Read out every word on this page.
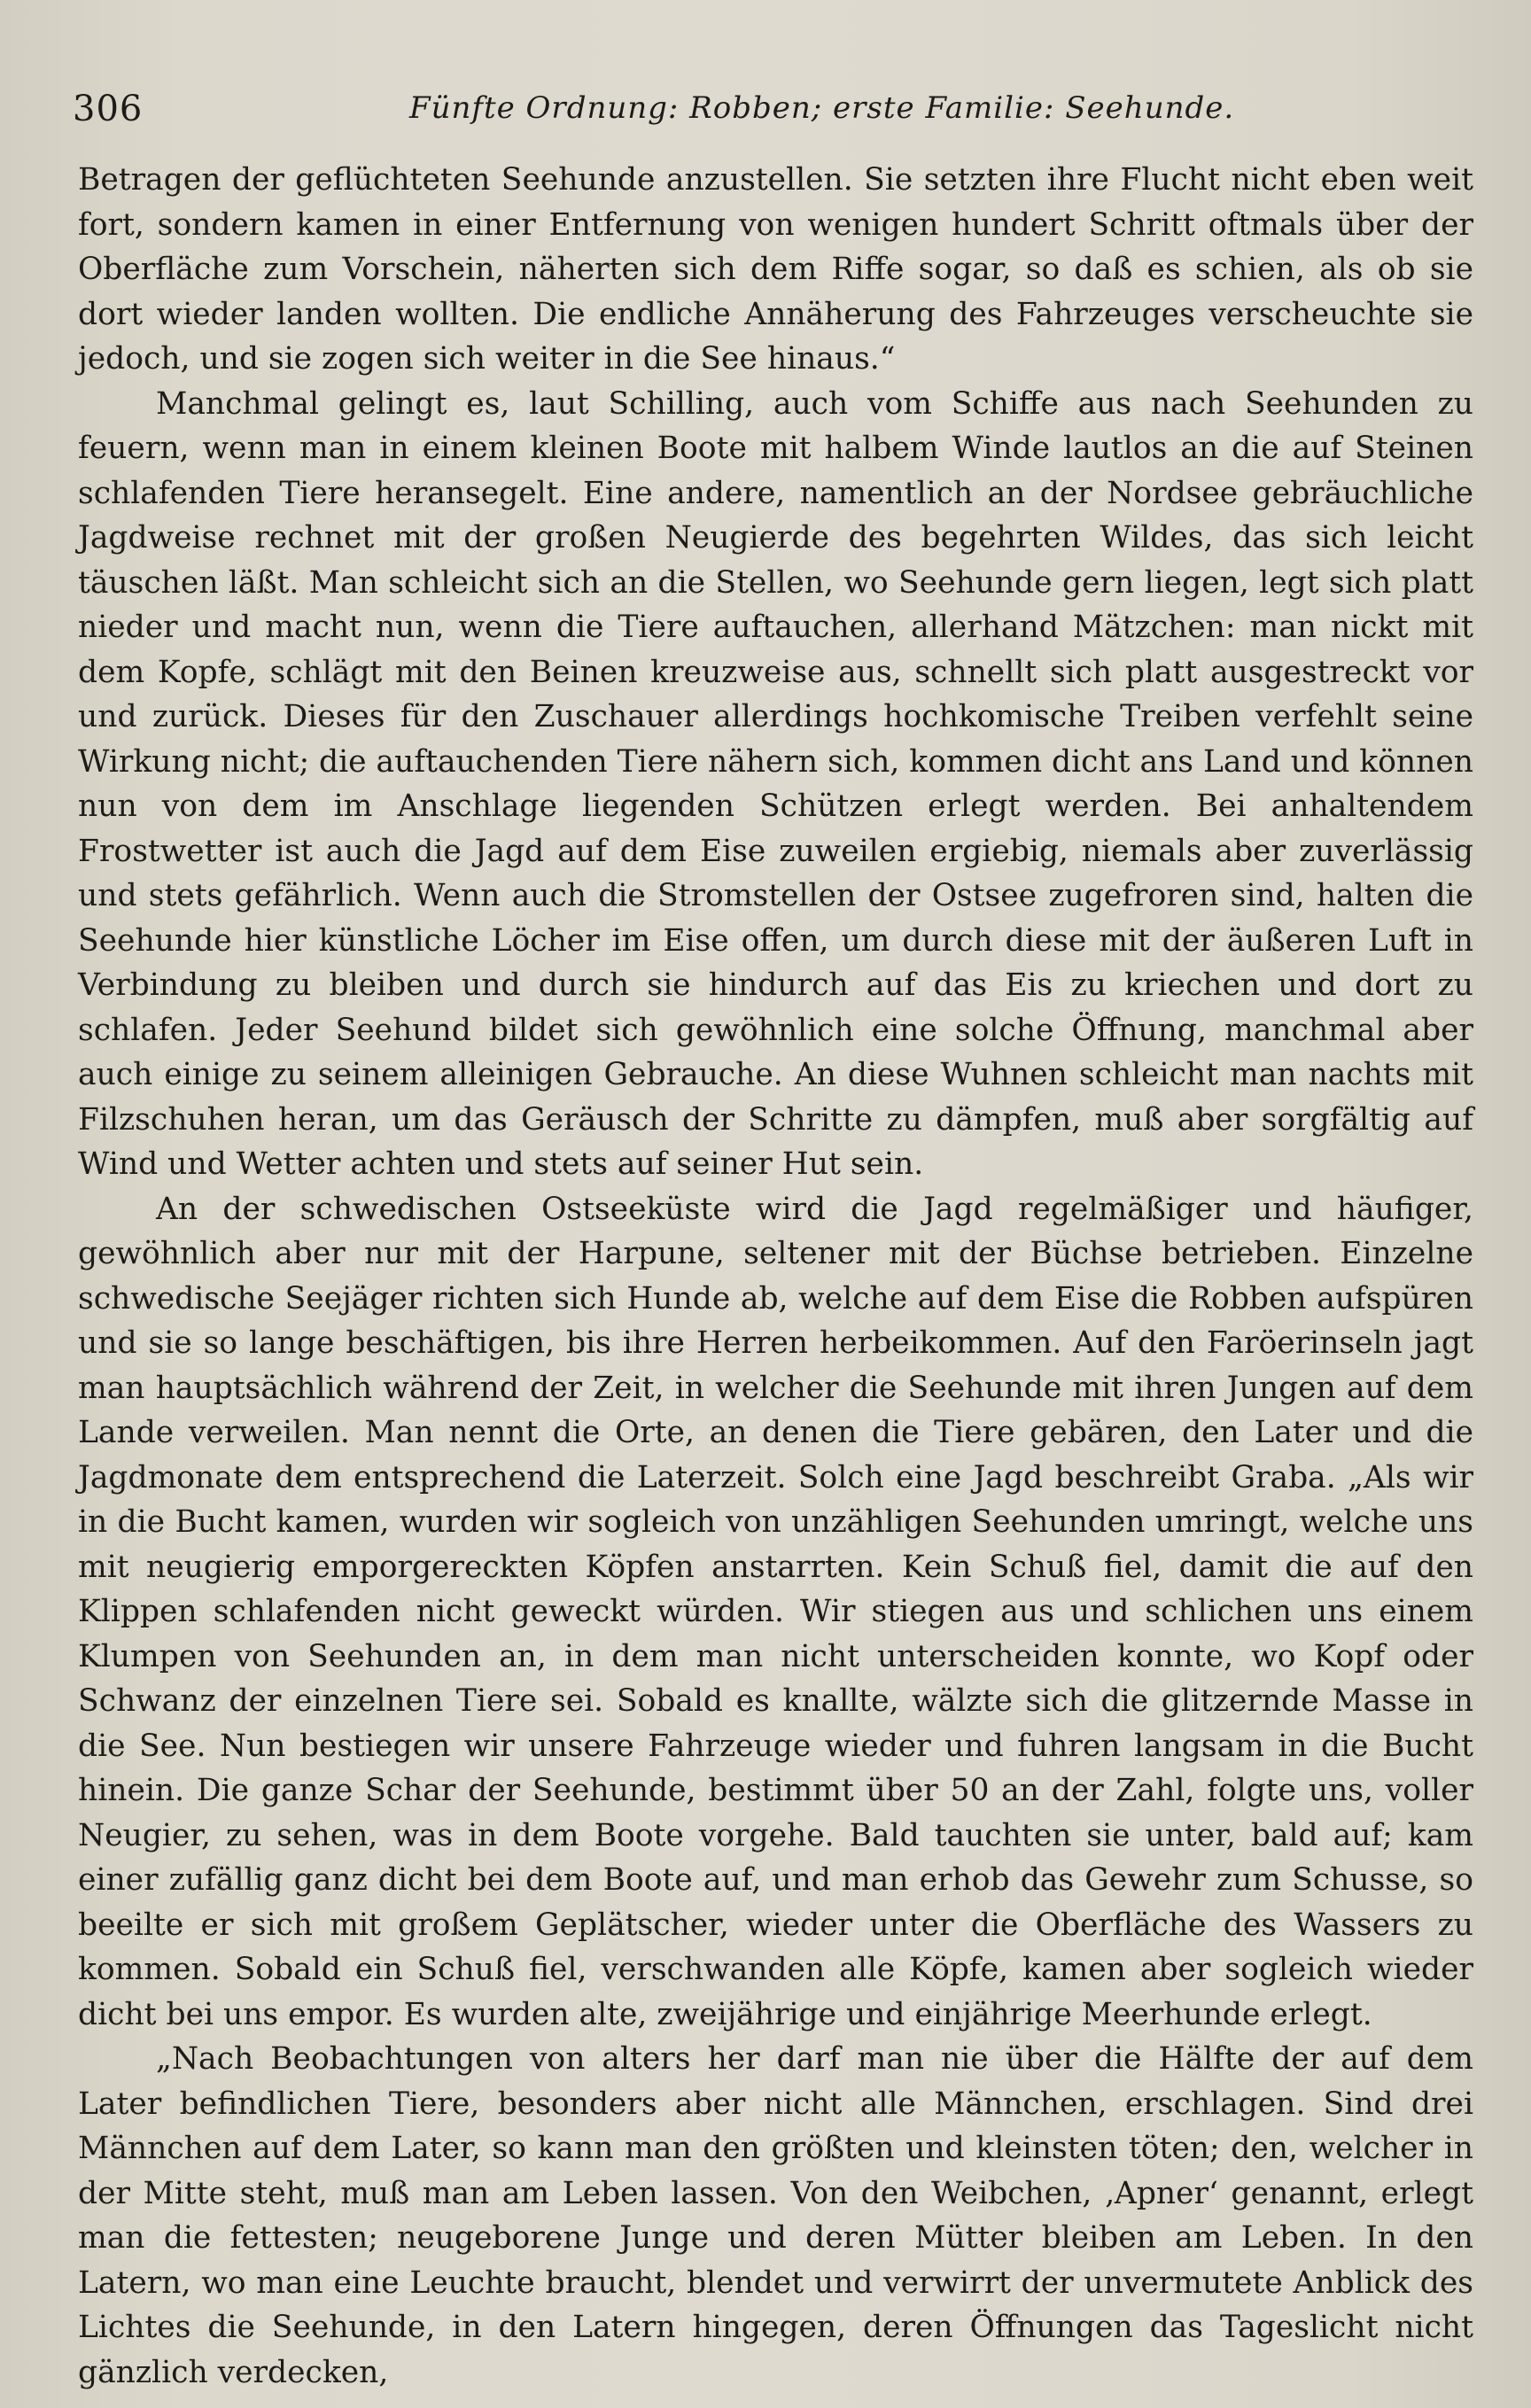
306	Fünfte Ordnung: Robben; erste Familie: Seehunde.

Betragen der geflüchteten Seehunde anzustellen. Sie setzten ihre Flucht nicht eben weit fort, sondern kamen in einer Entfernung von wenigen hundert Schritt oftmals über der Oberfläche zum Vorschein, näherten sich dem Riffe sogar, so daß es schien, als ob sie dort wieder landen wollten. Die endliche Annäherung des Fahrzeuges verscheuchte sie jedoch, und sie zogen sich weiter in die See hinaus.“

Manchmal gelingt es, laut Schilling, auch vom Schiffe aus nach Seehunden zu feuern, wenn man in einem kleinen Boote mit halbem Winde lautlos an die auf Steinen schlafenden Tiere heransegelt. Eine andere, namentlich an der Nordsee gebräuchliche Jagdweise rechnet mit der großen Neugierde des begehrten Wildes, das sich leicht täuschen läßt. Man schleicht sich an die Stellen, wo Seehunde gern liegen, legt sich platt nieder und macht nun, wenn die Tiere auftauchen, allerhand Mätzchen: man nickt mit dem Kopfe, schlägt mit den Beinen kreuzweise aus, schnellt sich platt ausgestreckt vor und zurück. Dieses für den Zuschauer allerdings hochkomische Treiben verfehlt seine Wirkung nicht; die auftauchenden Tiere nähern sich, kommen dicht ans Land und können nun von dem im Anschlage liegenden Schützen erlegt werden. Bei anhaltendem Frostwetter ist auch die Jagd auf dem Eise zuweilen ergiebig, niemals aber zuverlässig und stets gefährlich. Wenn auch die Stromstellen der Ostsee zugefroren sind, halten die Seehunde hier künstliche Löcher im Eise offen, um durch diese mit der äußeren Luft in Verbindung zu bleiben und durch sie hindurch auf das Eis zu kriechen und dort zu schlafen. Jeder Seehund bildet sich gewöhnlich eine solche Öffnung, manchmal aber auch einige zu seinem alleinigen Gebrauche. An diese Wuhnen schleicht man nachts mit Filzschuhen heran, um das Geräusch der Schritte zu dämpfen, muß aber sorgfältig auf Wind und Wetter achten und stets auf seiner Hut sein.

An der schwedischen Ostseeküste wird die Jagd regelmäßiger und häufiger, gewöhnlich aber nur mit der Harpune, seltener mit der Büchse betrieben. Einzelne schwedische Seejäger richten sich Hunde ab, welche auf dem Eise die Robben aufspüren und sie so lange beschäftigen, bis ihre Herren herbeikommen. Auf den Faröerinseln jagt man hauptsächlich während der Zeit, in welcher die Seehunde mit ihren Jungen auf dem Lande verweilen. Man nennt die Orte, an denen die Tiere gebären, den Later und die Jagdmonate dem entsprechend die Laterzeit. Solch eine Jagd beschreibt Graba. „Als wir in die Bucht kamen, wurden wir sogleich von unzähligen Seehunden umringt, welche uns mit neugierig emporgereckten Köpfen anstarrten. Kein Schuß fiel, damit die auf den Klippen schlafenden nicht geweckt würden. Wir stiegen aus und schlichen uns einem Klumpen von Seehunden an, in dem man nicht unterscheiden konnte, wo Kopf oder Schwanz der einzelnen Tiere sei. Sobald es knallte, wälzte sich die glitzernde Masse in die See. Nun bestiegen wir unsere Fahrzeuge wieder und fuhren langsam in die Bucht hinein. Die ganze Schar der Seehunde, bestimmt über 50 an der Zahl, folgte uns, voller Neugier, zu sehen, was in dem Boote vorgehe. Bald tauchten sie unter, bald auf; kam einer zufällig ganz dicht bei dem Boote auf, und man erhob das Gewehr zum Schusse, so beeilte er sich mit großem Geplätscher, wieder unter die Oberfläche des Wassers zu kommen. Sobald ein Schuß fiel, verschwanden alle Köpfe, kamen aber sogleich wieder dicht bei uns empor. Es wurden alte, zweijährige und einjährige Meerhunde erlegt.

„Nach Beobachtungen von alters her darf man nie über die Hälfte der auf dem Later befindlichen Tiere, besonders aber nicht alle Männchen, erschlagen. Sind drei Männchen auf dem Later, so kann man den größten und kleinsten töten; den, welcher in der Mitte steht, muß man am Leben lassen. Von den Weibchen, ‚Apner‘ genannt, erlegt man die fettesten; neugeborene Junge und deren Mütter bleiben am Leben. In den Latern, wo man eine Leuchte braucht, blendet und verwirrt der unvermutete Anblick des Lichtes die Seehunde, in den Latern hingegen, deren Öffnungen das Tageslicht nicht gänzlich verdecken,
